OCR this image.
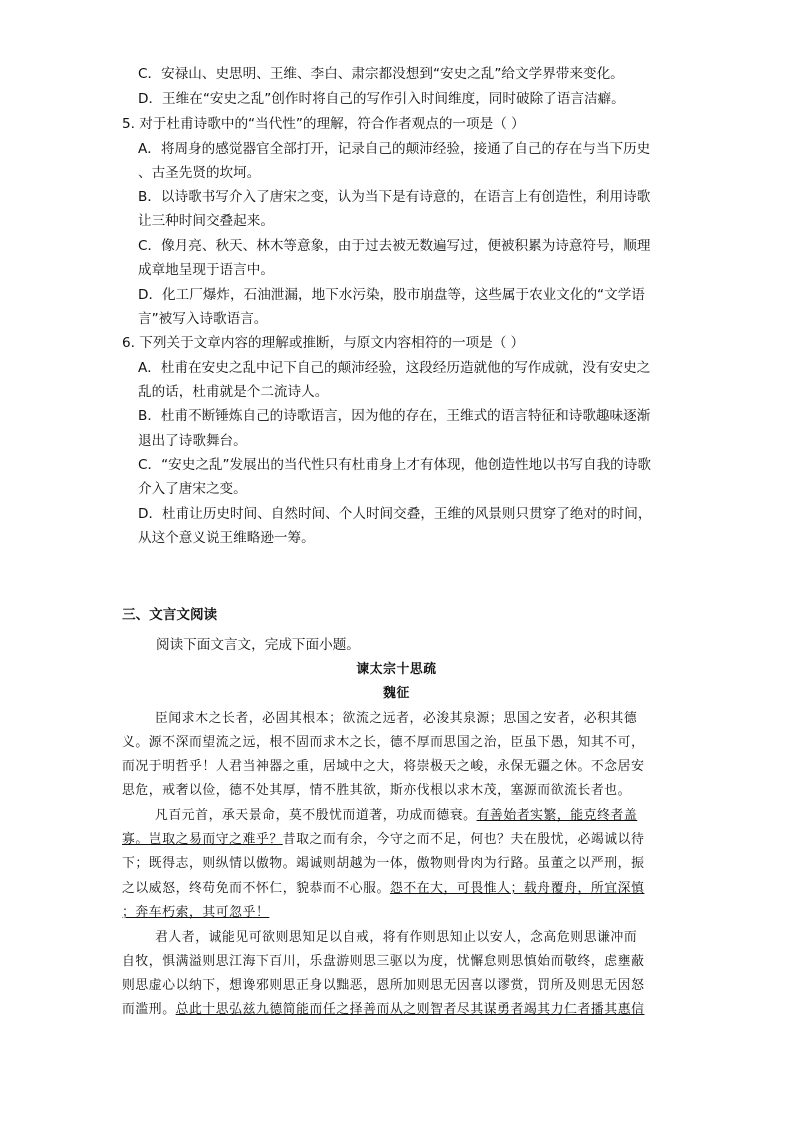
C．安禄山、史思明、王维、李白、肃宗都没想到“安史之乱”给文学界带来变化。
D．王维在“安史之乱”创作时将自己的写作引入时间维度，同时破除了语言洁癖。
5. 对于杜甫诗歌中的“当代性”的理解，符合作者观点的一项是（ ）
A．将周身的感觉器官全部打开，记录自己的颠沛经验，接通了自己的存在与当下历史
、古圣先贤的坎坷。
B．以诗歌书写介入了唐宋之变，认为当下是有诗意的，在语言上有创造性，利用诗歌
让三种时间交叠起来。
C．像月亮、秋天、林木等意象，由于过去被无数遍写过，便被积累为诗意符号，顺理
成章地呈现于语言中。
D．化工厂爆炸，石油泄漏，地下水污染，股市崩盘等，这些属于农业文化的“文学语
言”被写入诗歌语言。
6. 下列关于文章内容的理解或推断，与原文内容相符的一项是（ ）
A．杜甫在安史之乱中记下自己的颠沛经验，这段经历造就他的写作成就，没有安史之
乱的话，杜甫就是个二流诗人。
B．杜甫不断锤炼自己的诗歌语言，因为他的存在，王维式的语言特征和诗歌趣味逐渐
退出了诗歌舞台。
C．“安史之乱”发展出的当代性只有杜甫身上才有体现，他创造性地以书写自我的诗歌
介入了唐宋之变。
D．杜甫让历史时间、自然时间、个人时间交叠，王维的风景则只贯穿了绝对的时间，
从这个意义说王维略逊一筹。
三、文言文阅读
阅读下面文言文，完成下面小题。
谏太宗十思疏
魏征
臣闻求木之长者，必固其根本；欲流之远者，必浚其泉源；思国之安者，必积其德
义。源不深而望流之远，根不固而求木之长，德不厚而思国之治，臣虽下愚，知其不可，
而况于明哲乎！人君当神器之重，居域中之大，将崇极天之峻，永保无疆之休。不念居安
思危，戒奢以俭，德不处其厚，情不胜其欲，斯亦伐根以求木茂，塞源而欲流长者也。
凡百元首，承天景命，莫不殷忧而道著，功成而德衰。有善始者实繁，能克终者盖
寡。岂取之易而守之难乎？昔取之而有余，今守之而不足，何也？夫在殷忧，必竭诚以待
下；既得志，则纵情以傲物。竭诚则胡越为一体，傲物则骨肉为行路。虽董之以严刑，振
之以威怒，终苟免而不怀仁，貌恭而不心服。怨不在大，可畏惟人；载舟覆舟，所宜深慎
；奔车朽索，其可忽乎！
君人者，诚能见可欲则思知足以自戒，将有作则思知止以安人，念高危则思谦冲而
自牧，惧满溢则思江海下百川，乐盘游则思三驱以为度，忧懈怠则思慎始而敬终，虑壅蔽
则思虚心以纳下，想谗邪则思正身以黜恶，恩所加则思无因喜以谬赏，罚所及则思无因怒
而滥刑。总此十思弘兹九德简能而任之择善而从之则智者尽其谋勇者竭其力仁者播其惠信
